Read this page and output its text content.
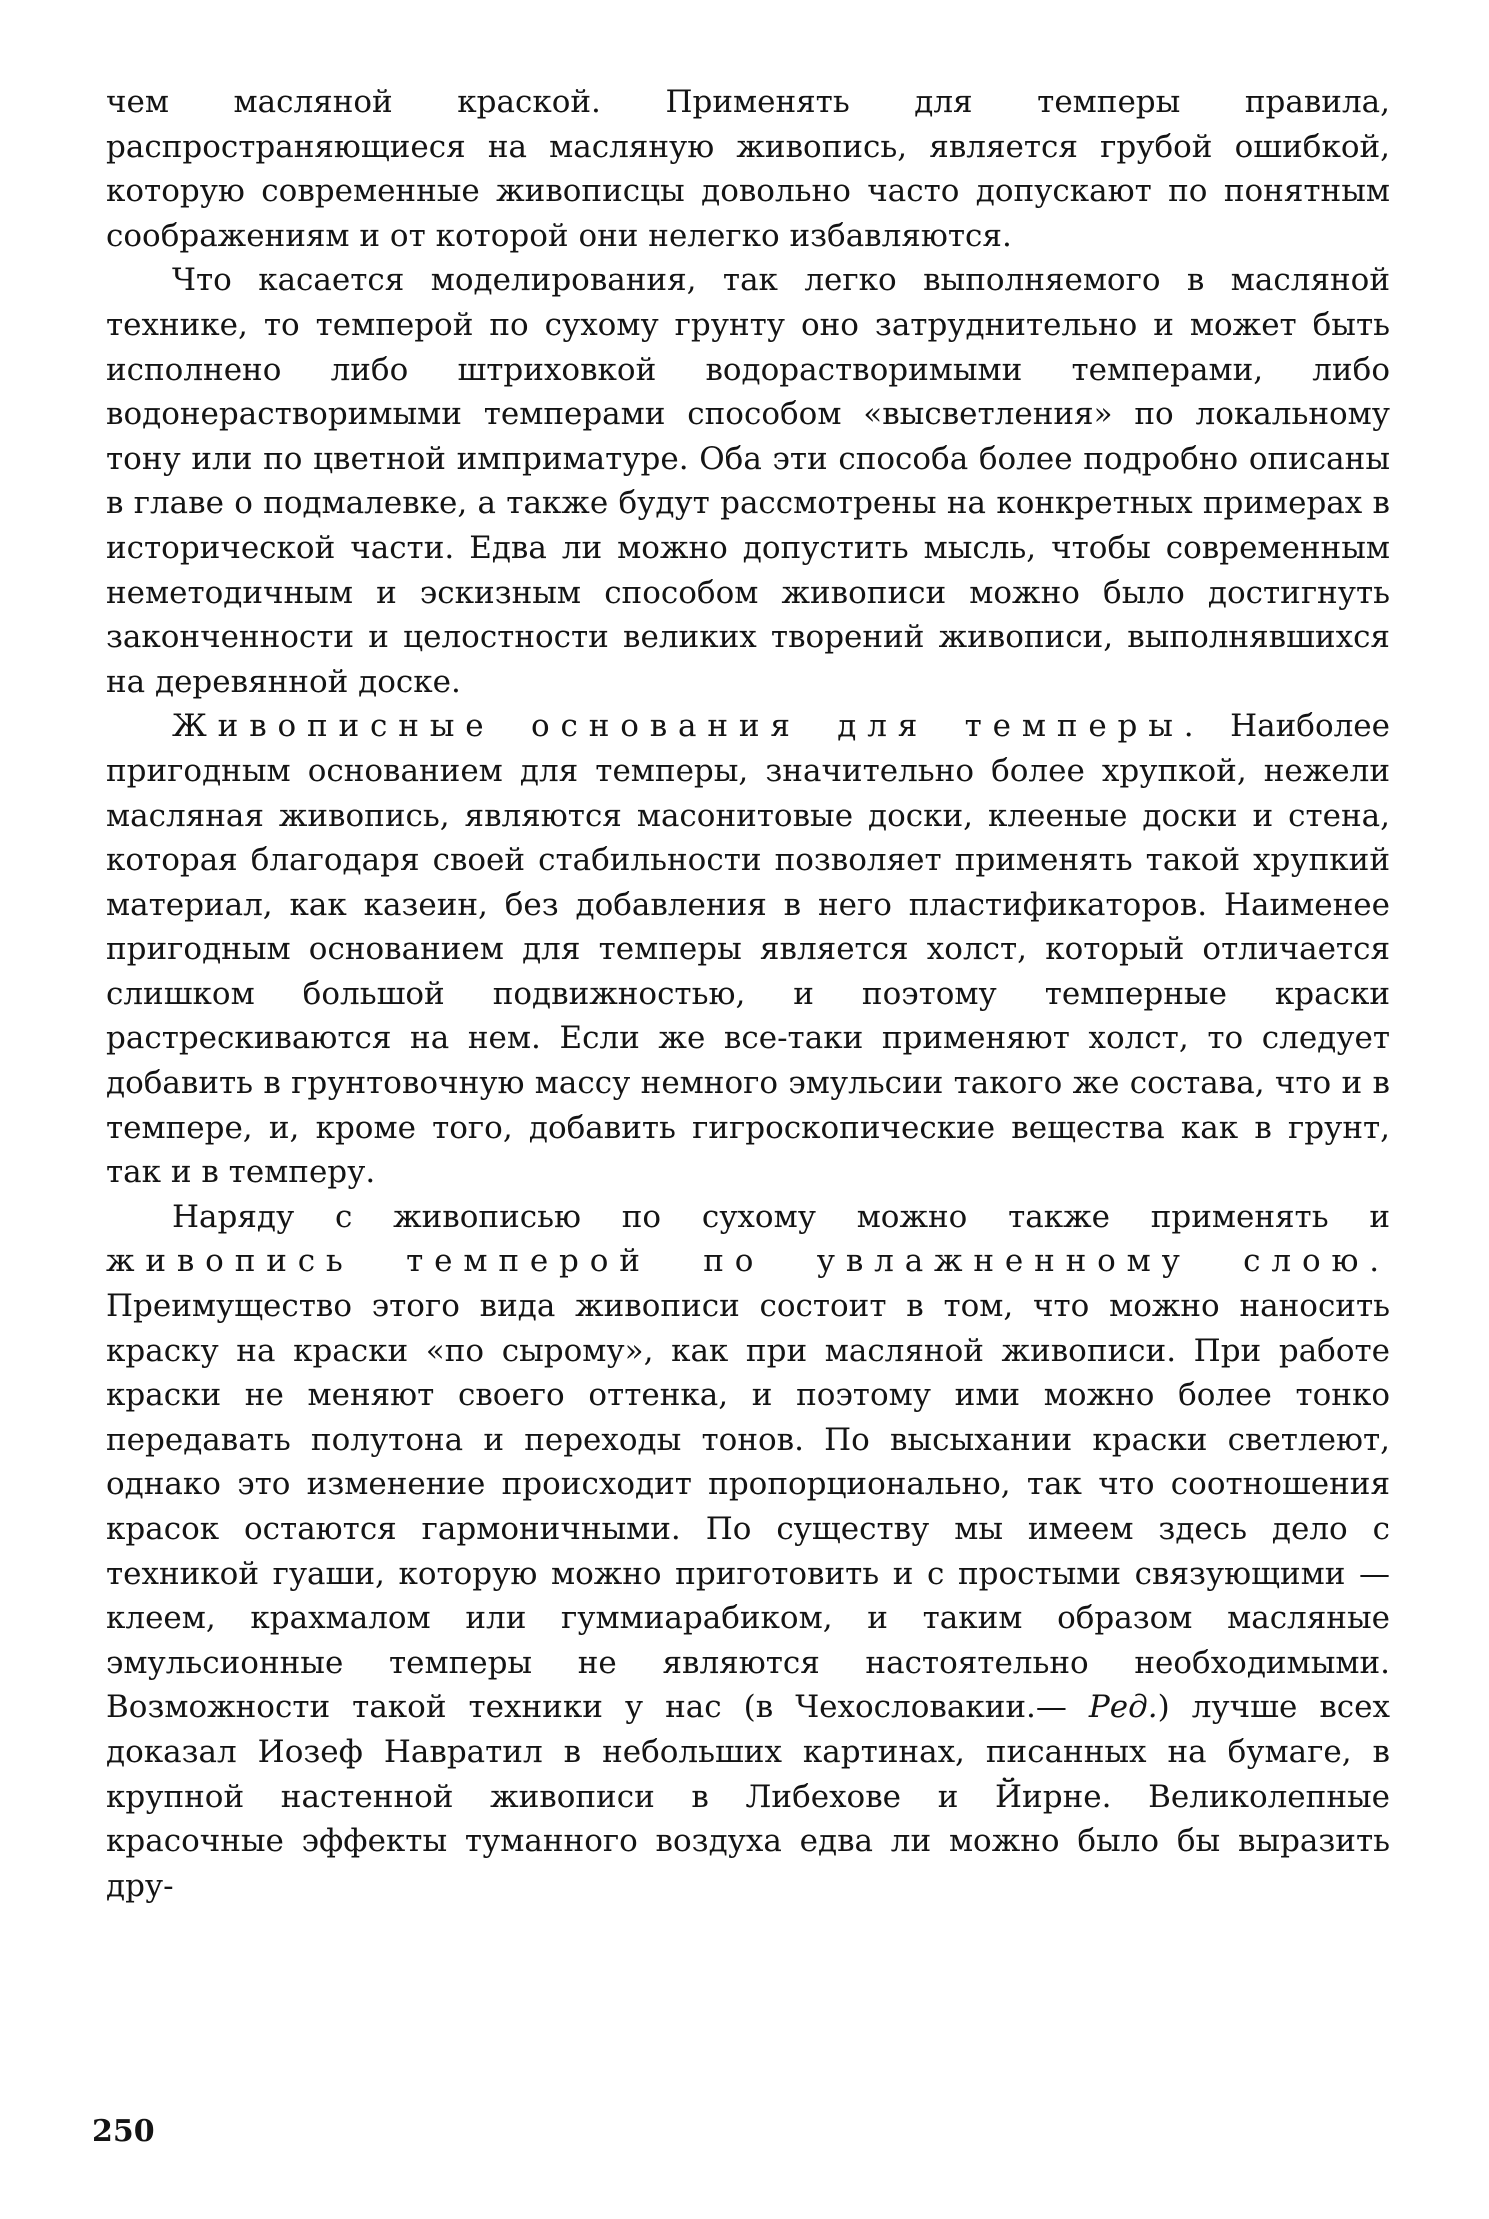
чем масляной краской. Применять для темперы правила, распространяющиеся на масляную живопись, является грубой ошибкой, которую современные живописцы довольно часто допускают по понятным соображениям и от которой они нелегко избавляются.

Что касается моделирования, так легко выполняемого в масляной технике, то темперой по сухому грунту оно затруднительно и может быть исполнено либо штриховкой водорастворимыми темперами, либо водонерастворимыми темперами способом «высветления» по локальному тону или по цветной имприматуре. Оба эти способа более подробно описаны в главе о подмалевке, а также будут рассмотрены на конкретных примерах в исторической части. Едва ли можно допустить мысль, чтобы современным неметодичным и эскизным способом живописи можно было достигнуть законченности и целостности великих творений живописи, выполнявшихся на деревянной доске.

Живописные основания для темперы. Наиболее пригодным основанием для темперы, значительно более хрупкой, нежели масляная живопись, являются масонитовые доски, клееные доски и стена, которая благодаря своей стабильности позволяет применять такой хрупкий материал, как казеин, без добавления в него пластификаторов. Наименее пригодным основанием для темперы является холст, который отличается слишком большой подвижностью, и поэтому темперные краски растрескиваются на нем. Если же все-таки применяют холст, то следует добавить в грунтовочную массу немного эмульсии такого же состава, что и в темпере, и, кроме того, добавить гигроскопические вещества как в грунт, так и в темперу.

Наряду с живописью по сухому можно также применять и живопись темперой по увлажненному слою. Преимущество этого вида живописи состоит в том, что можно наносить краску на краски «по сырому», как при масляной живописи. При работе краски не меняют своего оттенка, и поэтому ими можно более тонко передавать полутона и переходы тонов. По высыхании краски светлеют, однако это изменение происходит пропорционально, так что соотношения красок остаются гармоничными. По существу мы имеем здесь дело с техникой гуаши, которую можно приготовить и с простыми связующими — клеем, крахмалом или гуммиарабиком, и таким образом масляные эмульсионные темперы не являются настоятельно необходимыми. Возможности такой техники у нас (в Чехословакии.— Ред.) лучше всех доказал Иозеф Навратил в небольших картинах, писанных на бумаге, в крупной настенной живописи в Либехове и Йирне. Великолепные красочные эффекты туманного воздуха едва ли можно было бы выразить дру-

250
